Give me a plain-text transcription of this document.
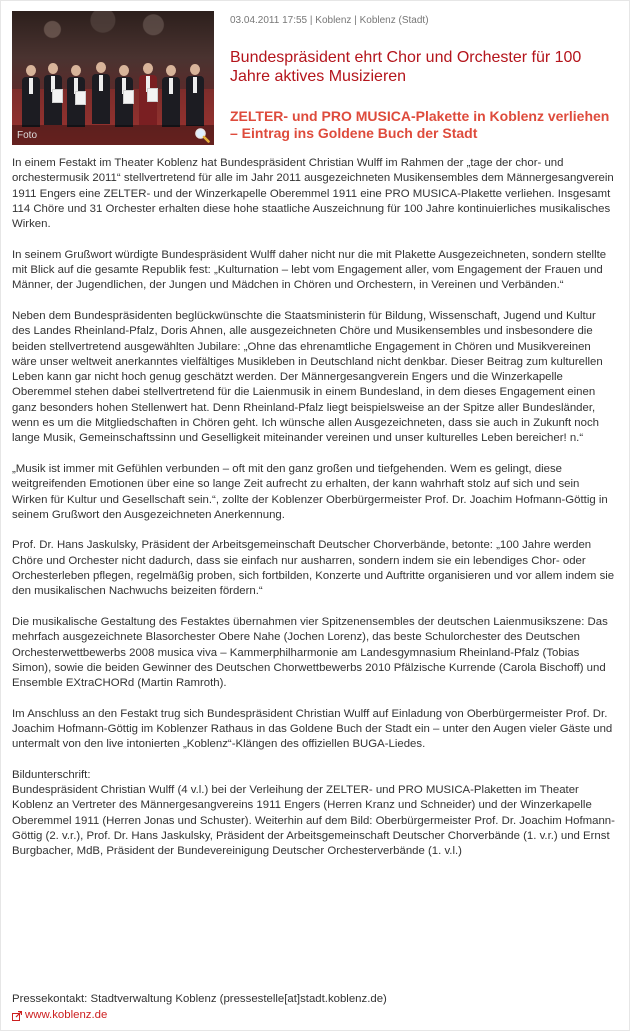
Foto
03.04.2011 17:55 | Koblenz | Koblenz (Stadt)
Bundespräsident ehrt Chor und Orchester für 100 Jahre aktives Musizieren
ZELTER- und PRO MUSICA-Plakette in Koblenz verliehen – Eintrag ins Goldene Buch der Stadt

In einem Festakt im Theater Koblenz hat Bundespräsident Christian Wulff im Rahmen der „tage der chor- und orchestermusik 2011“ stellvertretend für alle im Jahr 2011 ausgezeichneten Musikensembles dem Männergesangverein 1911 Engers eine ZELTER- und der Winzerkapelle Oberemmel 1911 eine PRO MUSICA-Plakette verliehen. Insgesamt 114 Chöre und 31 Orchester erhalten diese hohe staatliche Auszeichnung für 100 Jahre kontinuierliches musikalisches Wirken.

In seinem Grußwort würdigte Bundespräsident Wulff daher nicht nur die mit Plakette Ausgezeichneten, sondern stellte mit Blick auf die gesamte Republik fest: „Kulturnation – lebt vom Engagement aller, vom Engagement der Frauen und Männer, der Jugendlichen, der Jungen und Mädchen in Chören und Orchestern, in Vereinen und Verbänden.“

Neben dem Bundespräsidenten beglückwünschte die Staatsministerin für Bildung, Wissenschaft, Jugend und Kultur des Landes Rheinland-Pfalz, Doris Ahnen, alle ausgezeichneten Chöre und Musikensembles und insbesondere die beiden stellvertretend ausgewählten Jubilare: „Ohne das ehrenamtliche Engagement in Chören und Musikvereinen wäre unser weltweit anerkanntes vielfältiges Musikleben in Deutschland nicht denkbar. Dieser Beitrag zum kulturellen Leben kann gar nicht hoch genug geschätzt werden. Der Männergesangverein Engers und die Winzerkapelle Oberemmel stehen dabei stellvertretend für die Laienmusik in einem Bundesland, in dem dieses Engagement einen ganz besonders hohen Stellenwert hat. Denn Rheinland-Pfalz liegt beispielsweise an der Spitze aller Bundesländer, wenn es um die Mitgliedschaften in Chören geht. Ich wünsche allen Ausgezeichneten, dass sie auch in Zukunft noch lange Musik, Gemeinschaftssinn und Geselligkeit miteinander vereinen und unser kulturelles Leben bereicher! n.“

„Musik ist immer mit Gefühlen verbunden – oft mit den ganz großen und tiefgehenden. Wem es gelingt, diese weitgreifenden Emotionen über eine so lange Zeit aufrecht zu erhalten, der kann wahrhaft stolz auf sich und sein Wirken für Kultur und Gesellschaft sein.“, zollte der Koblenzer Oberbürgermeister Prof. Dr. Joachim Hofmann-Göttig in seinem Grußwort den Ausgezeichneten Anerkennung.

Prof. Dr. Hans Jaskulsky, Präsident der Arbeitsgemeinschaft Deutscher Chorverbände, betonte: „100 Jahre werden Chöre und Orchester nicht dadurch, dass sie einfach nur ausharren, sondern indem sie ein lebendiges Chor- oder Orchesterleben pflegen, regelmäßig proben, sich fortbilden, Konzerte und Auftritte organisieren und vor allem indem sie den musikalischen Nachwuchs beizeiten fördern.“

Die musikalische Gestaltung des Festaktes übernahmen vier Spitzenensembles der deutschen Laienmusikszene: Das mehrfach ausgezeichnete Blasorchester Obere Nahe (Jochen Lorenz), das beste Schulorchester des Deutschen Orchesterwettbewerbs 2008 musica viva – Kammerphilharmonie am Landesgymnasium Rheinland-Pfalz (Tobias Simon), sowie die beiden Gewinner des Deutschen Chorwettbewerbs 2010 Pfälzische Kurrende (Carola Bischoff) und Ensemble EXtraCHORd (Martin Ramroth).

Im Anschluss an den Festakt trug sich Bundespräsident Christian Wulff auf Einladung von Oberbürgermeister Prof. Dr. Joachim Hofmann-Göttig im Koblenzer Rathaus in das Goldene Buch der Stadt ein – unter den Augen vieler Gäste und untermalt von den live intonierten „Koblenz“-Klängen des offiziellen BUGA-Liedes.

Bildunterschrift:

Bundespräsident Christian Wulff (4 v.l.) bei der Verleihung der ZELTER- und PRO MUSICA-Plaketten im Theater Koblenz an Vertreter des Männergesangvereins 1911 Engers (Herren Kranz und Schneider) und der Winzerkapelle Oberemmel 1911 (Herren Jonas und Schuster). Weiterhin auf dem Bild: Oberbürgermeister Prof. Dr. Joachim Hofmann-Göttig (2. v.r.), Prof. Dr. Hans Jaskulsky, Präsident der Arbeitsgemeinschaft Deutscher Chorverbände (1. v.r.) und Ernst Burgbacher, MdB, Präsident der Bundevereinigung Deutscher Orchesterverbände (1. v.l.)

Pressekontakt: Stadtverwaltung Koblenz (pressestelle[at]stadt.koblenz.de)
www.koblenz.de
